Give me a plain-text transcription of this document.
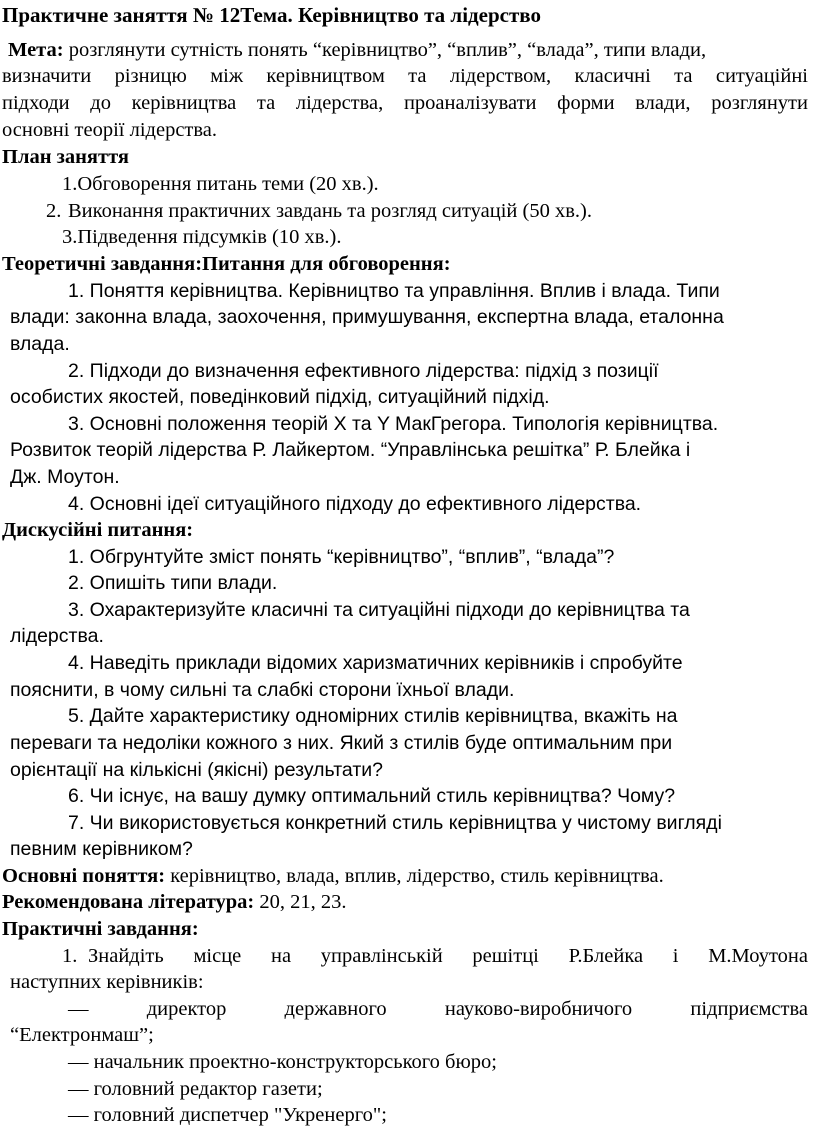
Практичне заняття № 12Тема. Керівництво та лідерство
Мета: розглянути сутність понять “керівництво”, “вплив”, “влада”, типи влади,
визначити різницю між керівництвом та лідерством, класичні та ситуаційні
підходи до керівництва та лідерства, проаналізувати форми влади, розглянути
основні теорії лідерства.
План заняття
1.Обговорення питань теми (20 хв.).
2. Виконання практичних завдань та розгляд ситуацій (50 хв.).
3.Підведення підсумків (10 хв.).
Теоретичні завдання:Питання для обговорення:
1. Поняття керівництва. Керівництво та управління. Вплив і влада. Типи
влади: законна влада, заохочення, примушування, експертна влада, еталонна
влада.
2. Підходи до визначення ефективного лідерства: підхід з позиції
особистих якостей, поведінковий підхід, ситуаційний підхід.
3. Основні положення теорій Х та Y МакГрегора. Типологія керівництва.
Розвиток теорій лідерства Р. Лайкертом. “Управлінська решітка” Р. Блейка і
Дж. Моутон.
4. Основні ідеї ситуаційного підходу до ефективного лідерства.
Дискусійні питання:
1. Обгрунтуйте зміст понять “керівництво”, “вплив”, “влада”?
2. Опишіть типи влади.
3. Охарактеризуйте класичні та ситуаційні підходи до керівництва та
лідерства.
4. Наведіть приклади відомих харизматичних керівників і спробуйте
пояснити, в чому сильні та слабкі сторони їхньої влади.
5. Дайте характеристику одномірних стилів керівництва, вкажіть на
переваги та недоліки кожного з них. Який з стилів буде оптимальним при
орієнтації на кількісні (якісні) результати?
6. Чи існує, на вашу думку оптимальний стиль керівництва? Чому?
7. Чи використовується конкретний стиль керівництва у чистому вигляді
певним керівником?
Основні поняття: керівництво, влада, вплив, лідерство, стиль керівництва.
Рекомендована література: 20, 21, 23.
Практичні завдання:
1. Знайдіть місце на управлінській решітці Р.Блейка і М.Моутона
наступних керівників:
— директор державного науково-виробничого підприємства
“Електронмаш”;
— начальник проектно-конструкторського бюро;
— головний редактор газети;
— головний диспетчер "Укренерго";
